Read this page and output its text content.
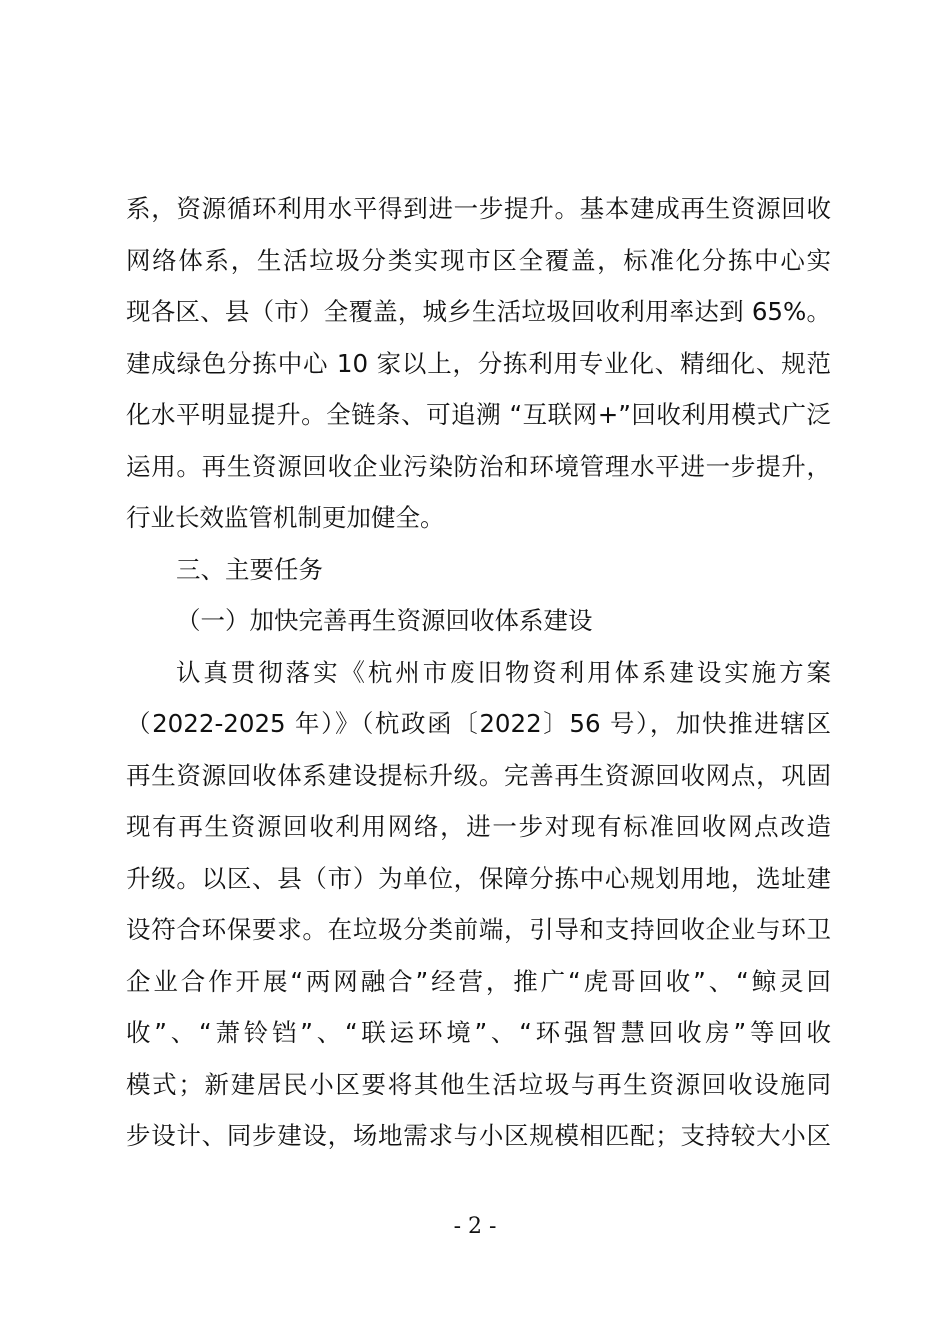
系，资源循环利用水平得到进一步提升。基本建成再生资源回收
网络体系，生活垃圾分类实现市区全覆盖，标准化分拣中心实
现各区、县（市）全覆盖，城乡生活垃圾回收利用率达到 65%。
建成绿色分拣中心 10 家以上，分拣利用专业化、精细化、规范
化水平明显提升。全链条、可追溯 “互联网+”回收利用模式广泛
运用。再生资源回收企业污染防治和环境管理水平进一步提升，
行业长效监管机制更加健全。
三、主要任务
（一）加快完善再生资源回收体系建设
认真贯彻落实《杭州市废旧物资利用体系建设实施方案
（2022-2025 年）》（杭政函〔2022〕56 号），加快推进辖区
再生资源回收体系建设提标升级。完善再生资源回收网点，巩固
现有再生资源回收利用网络，进一步对现有标准回收网点改造
升级。以区、县（市）为单位，保障分拣中心规划用地，选址建
设符合环保要求。在垃圾分类前端，引导和支持回收企业与环卫
企业合作开展“两网融合”经营，推广“虎哥回收”、“鲸灵回
收”、“萧铃铛”、“联运环境”、“环强智慧回收房”等回收
模式；新建居民小区要将其他生活垃圾与再生资源回收设施同
步设计、同步建设，场地需求与小区规模相匹配；支持较大小区
- 2 -
